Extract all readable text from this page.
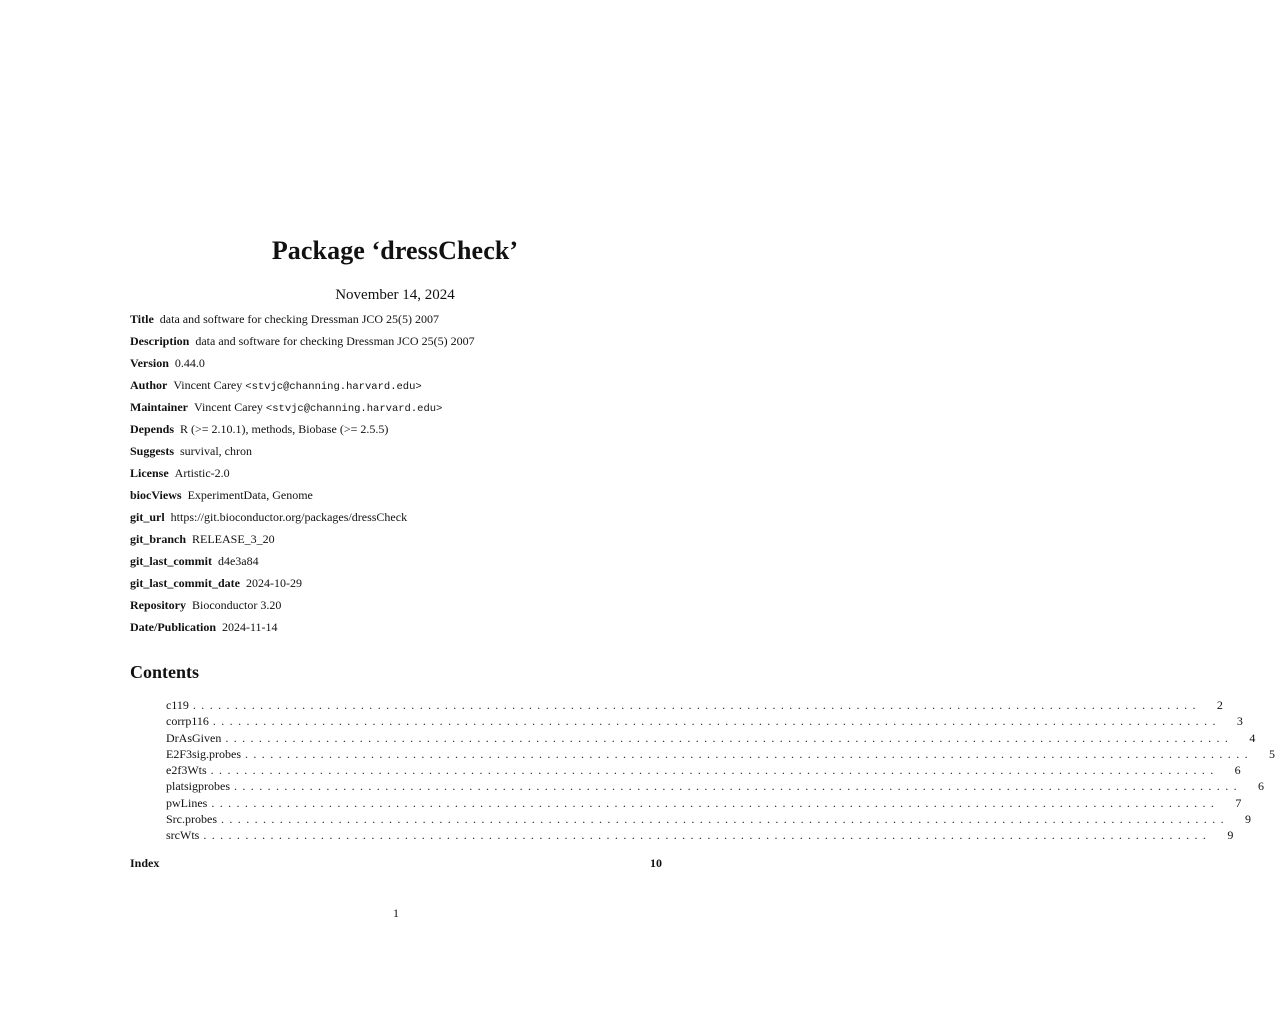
Package ‘dressCheck’
November 14, 2024
Title data and software for checking Dressman JCO 25(5) 2007
Description data and software for checking Dressman JCO 25(5) 2007
Version 0.44.0
Author Vincent Carey <stvjc@channing.harvard.edu>
Maintainer Vincent Carey <stvjc@channing.harvard.edu>
Depends R (>= 2.10.1), methods, Biobase (>= 2.5.5)
Suggests survival, chron
License Artistic-2.0
biocViews ExperimentData, Genome
git_url https://git.bioconductor.org/packages/dressCheck
git_branch RELEASE_3_20
git_last_commit d4e3a84
git_last_commit_date 2024-10-29
Repository Bioconductor 3.20
Date/Publication 2024-11-14
Contents
c119 ........................................................................................................................	2
corrp116 ........................................................................................................................	3
DrAsGiven ........................................................................................................................	4
E2F3sig.probes ........................................................................................................................	5
e2f3Wts ........................................................................................................................	6
platsigprobes ........................................................................................................................	6
pwLines ........................................................................................................................	7
Src.probes ........................................................................................................................	9
srcWts ........................................................................................................................	9
Index	10
1
